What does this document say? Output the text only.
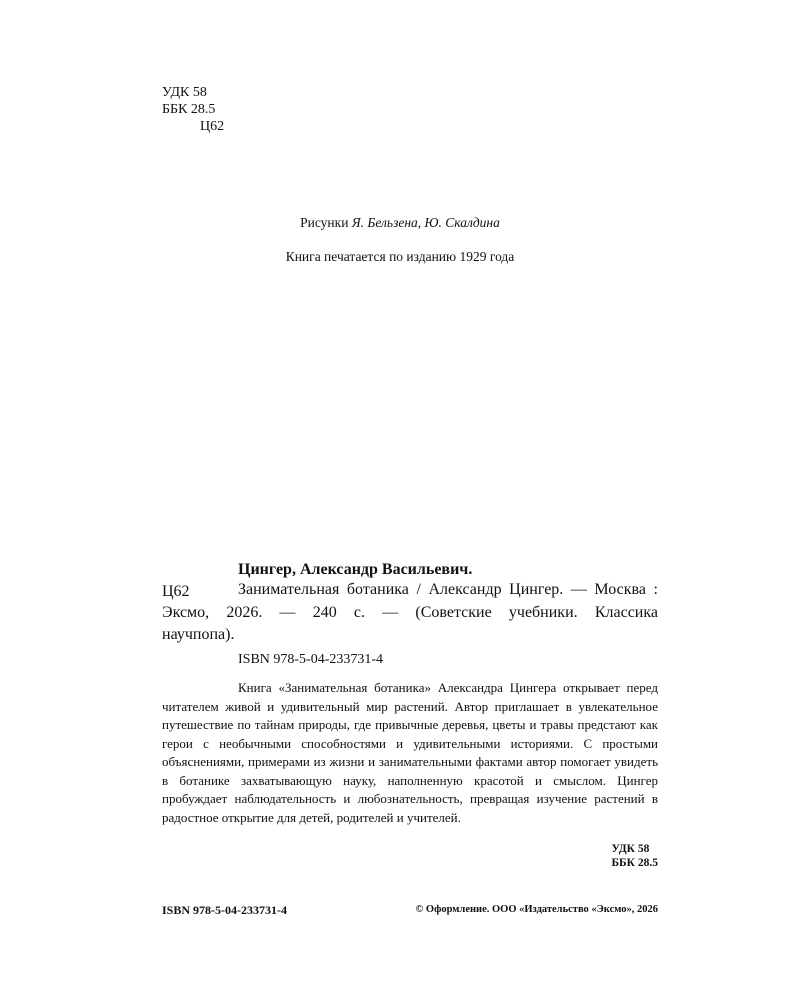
УДК 58
ББК 28.5
Ц62
Рисунки Я. Бельзена, Ю. Скалдина
Книга печатается по изданию 1929 года
Цингер, Александр Васильевич.
Ц62	Занимательная ботаника / Александр Цингер. — Москва :
Эксмо, 2026. — 240 с. — (Советские учебники. Классика
научпопа).
ISBN 978-5-04-233731-4

Книга «Занимательная ботаника» Александра Цингера открывает перед читателем живой и удивительный мир растений. Автор приглашает в увлекательное путешествие по тайнам природы, где привычные деревья, цветы и травы предстают как герои с необычными способностями и удивительными историями. С простыми объяснениями, примерами из жизни и занимательными фактами автор помогает увидеть в ботанике захватывающую науку, наполненную красотой и смыслом. Цингер пробуждает наблюдательность и любознательность, превращая изучение растений в радостное открытие для детей, родителей и учителей.

УДК 58
ББК 28.5
ISBN 978-5-04-233731-4	© Оформление. ООО «Издательство «Эксмо», 2026
